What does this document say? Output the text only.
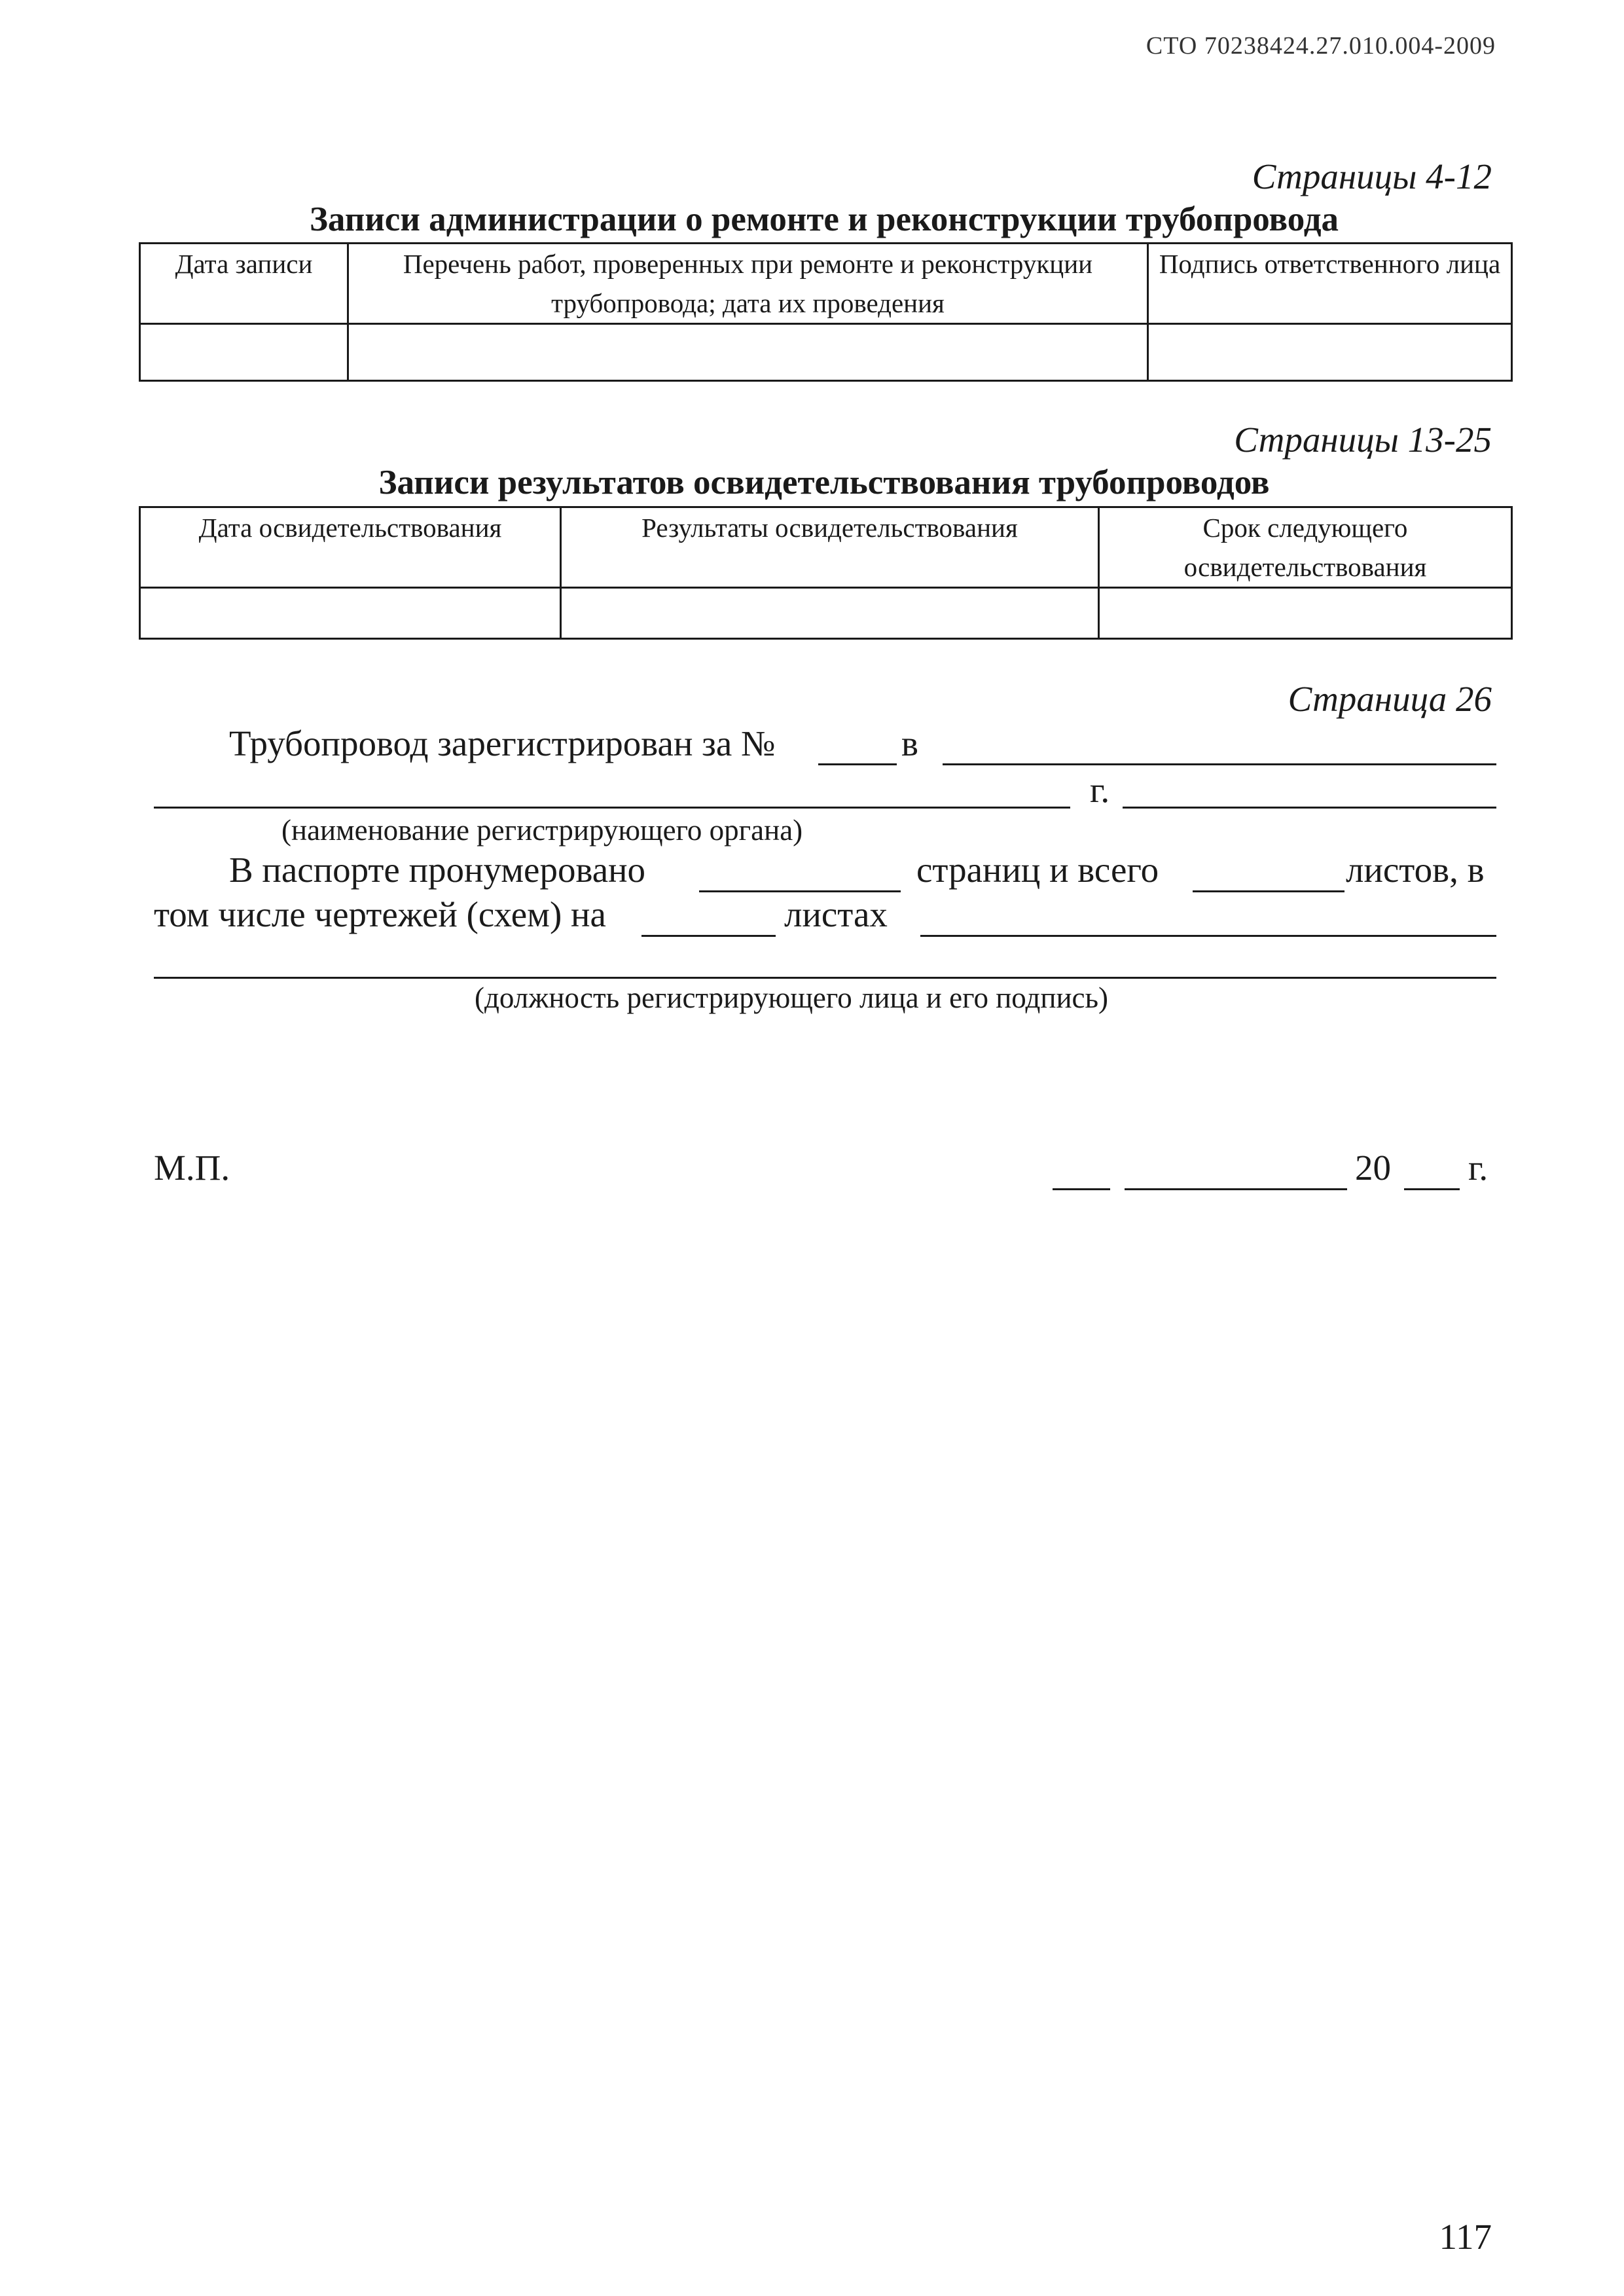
СТО 70238424.27.010.004-2009
Страницы 4-12
Записи администрации о ремонте и реконструкции трубопровода
Дата записи	Перечень работ, проверенных при ремонте и реконструкции трубопровода; дата их проведения	Подпись ответственного лица

Страницы 13-25
Записи результатов освидетельствования трубопроводов
Дата освидетельствования	Результаты освидетельствования	Срок следующего освидетельствования

Страница 26
Трубопровод зарегистрирован за №	в
г.
(наименование регистрирующего органа)
В паспорте пронумеровано	страниц и всего	листов, в
том числе чертежей (схем) на	листах
(должность регистрирующего лица и его подпись)
М.П.	20 г.
117
